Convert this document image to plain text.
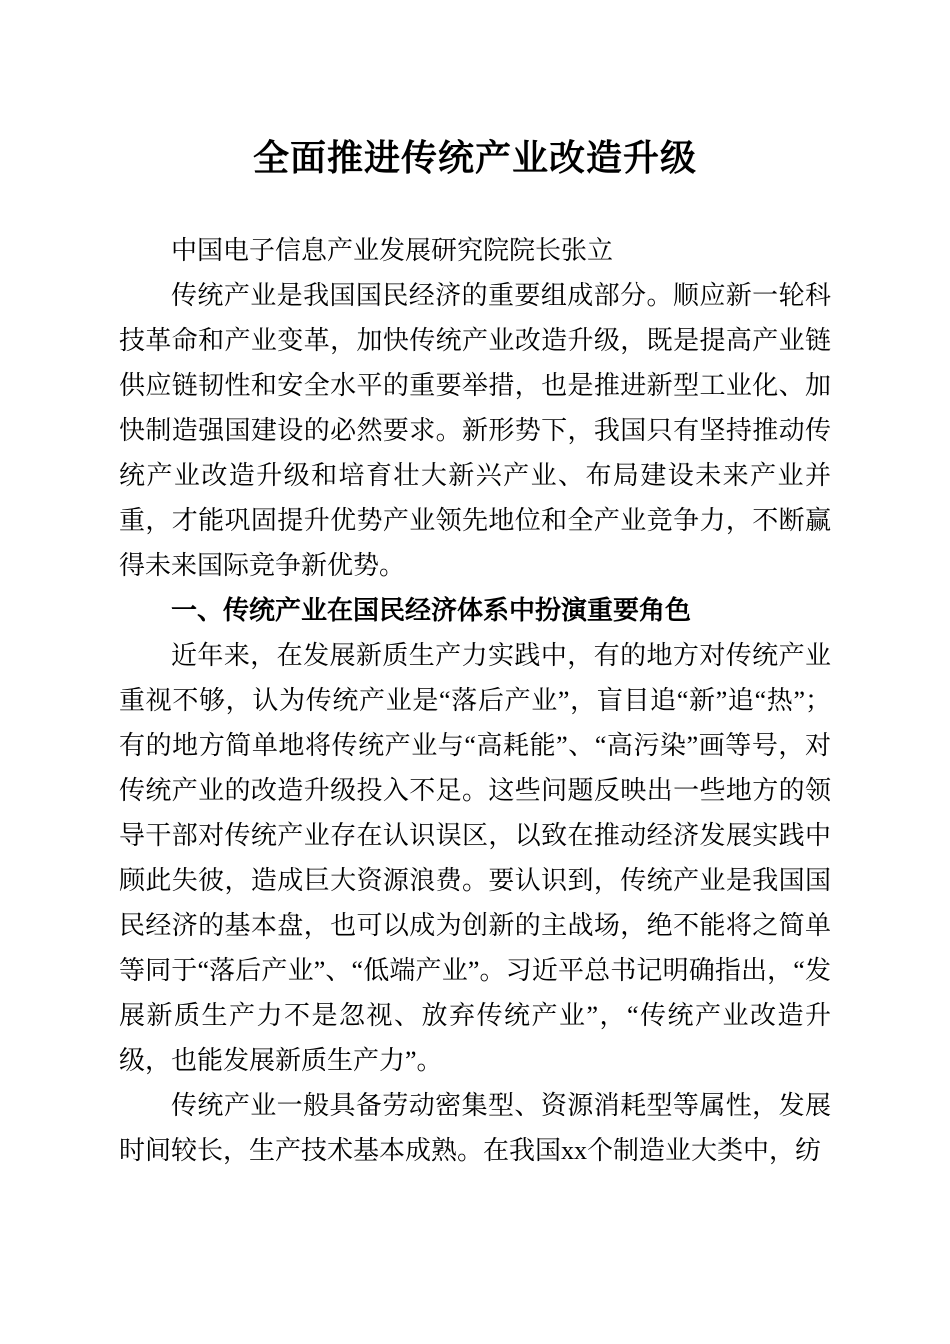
全面推进传统产业改造升级

中国电子信息产业发展研究院院长张立

传统产业是我国国民经济的重要组成部分。顺应新一轮科技革命和产业变革，加快传统产业改造升级，既是提高产业链供应链韧性和安全水平的重要举措，也是推进新型工业化、加快制造强国建设的必然要求。新形势下，我国只有坚持推动传统产业改造升级和培育壮大新兴产业、布局建设未来产业并重，才能巩固提升优势产业领先地位和全产业竞争力，不断赢得未来国际竞争新优势。

一、传统产业在国民经济体系中扮演重要角色

近年来，在发展新质生产力实践中，有的地方对传统产业重视不够，认为传统产业是“落后产业”，盲目追“新”追“热”；有的地方简单地将传统产业与“高耗能”、“高污染”画等号，对传统产业的改造升级投入不足。这些问题反映出一些地方的领导干部对传统产业存在认识误区，以致在推动经济发展实践中顾此失彼，造成巨大资源浪费。要认识到，传统产业是我国国民经济的基本盘，也可以成为创新的主战场，绝不能将之简单等同于“落后产业”、“低端产业”。习近平总书记明确指出，“发展新质生产力不是忽视、放弃传统产业”，“传统产业改造升级，也能发展新质生产力”。

传统产业一般具备劳动密集型、资源消耗型等属性，发展时间较长，生产技术基本成熟。在我国xx个制造业大类中，纺
